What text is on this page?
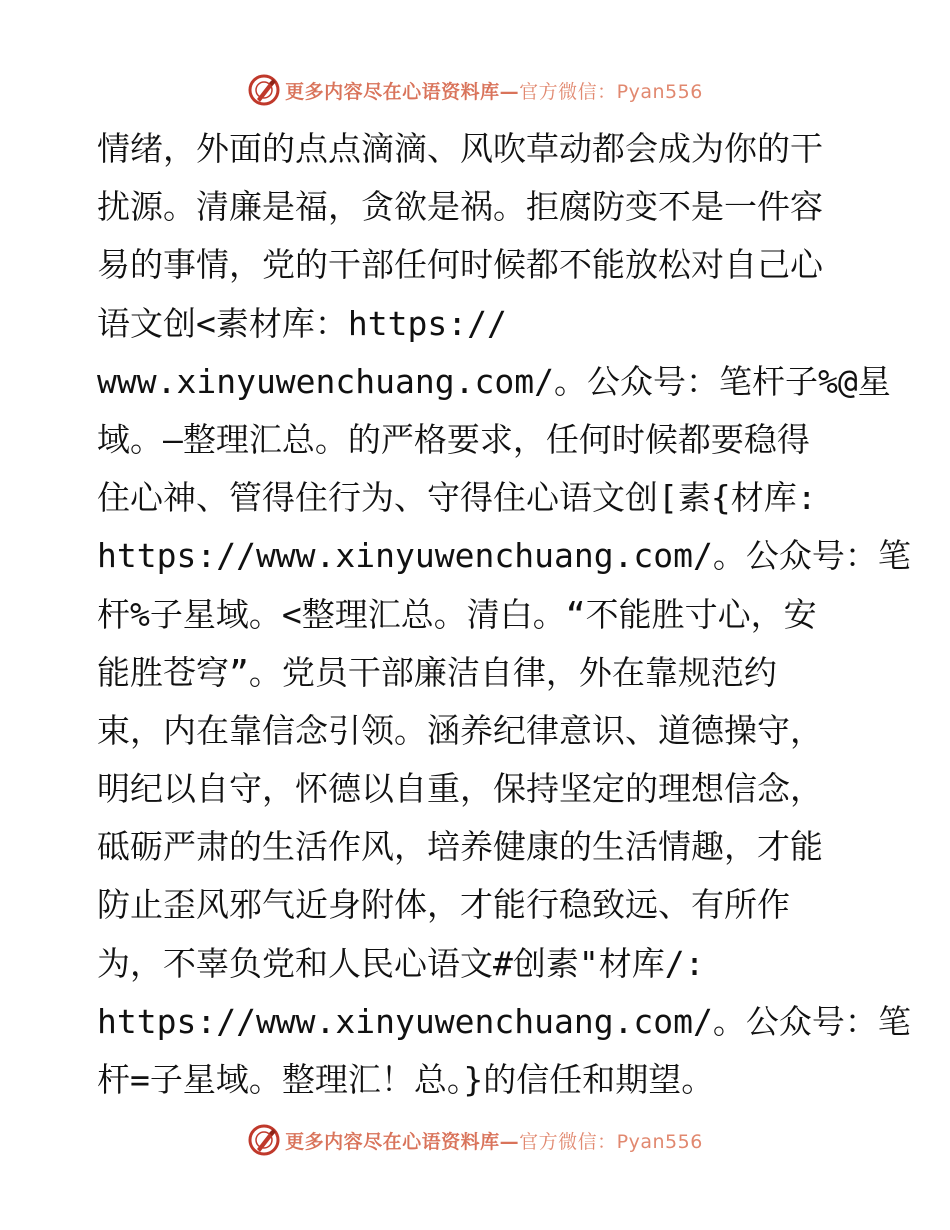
更多内容尽在心语资料库—官方微信：Pyan556
情绪，外面的点点滴滴、风吹草动都会成为你的干
扰源。清廉是福，贪欲是祸。拒腐防变不是一件容
易的事情，党的干部任何时候都不能放松对自己心
语文创<素材库：https://
www.xinyuwenchuang.com/。公众号：笔杆子%@星
域。—整理汇总。的严格要求，任何时候都要稳得
住心神、管得住行为、守得住心语文创[素{材库:
https://www.xinyuwenchuang.com/。公众号：笔
杆%子星域。<整理汇总。清白。“不能胜寸心，安
能胜苍穹”。党员干部廉洁自律，外在靠规范约
束，内在靠信念引领。涵养纪律意识、道德操守，
明纪以自守，怀德以自重，保持坚定的理想信念，
砥砺严肃的生活作风，培养健康的生活情趣，才能
防止歪风邪气近身附体，才能行稳致远、有所作
为，不辜负党和人民心语文#创素"材库/:
https://www.xinyuwenchuang.com/。公众号：笔
杆=子星域。整理汇！总。}的信任和期望。
更多内容尽在心语资料库—官方微信：Pyan556
